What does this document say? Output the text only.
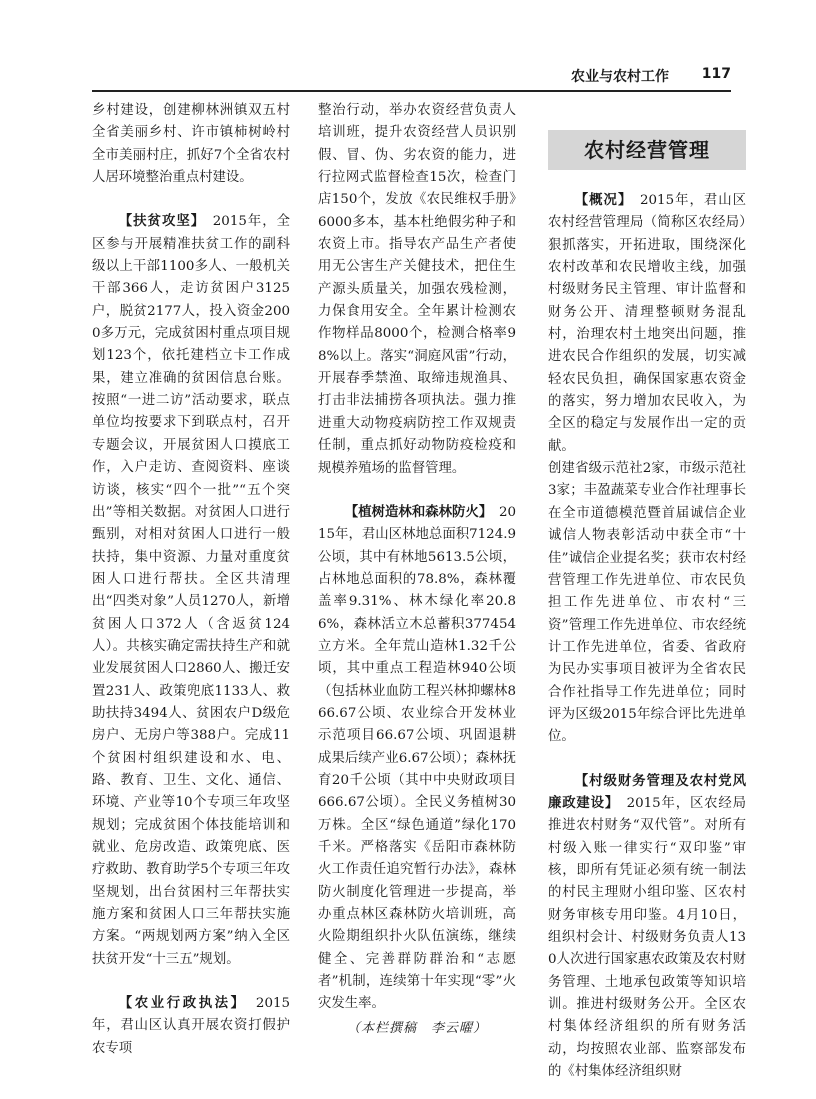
农业与农村工作 117

乡村建设，创建柳林洲镇双五村全省美丽乡村、许市镇柿树岭村全市美丽村庄，抓好7个全省农村人居环境整治重点村建设。

【扶贫攻坚】　 2015年，全区参与开展精准扶贫工作的副科级以上干部1100多人、一般机关干部366人，走访贫困户3125户，脱贫2177人，投入资金2000多万元，完成贫困村重点项目规划123个，依托建档立卡工作成果，建立准确的贫困信息台账。按照“一进二访”活动要求，联点单位均按要求下到联点村，召开专题会议，开展贫困人口摸底工作，入户走访、查阅资料、座谈访谈，核实“四个一批”“五个突出”等相关数据。对贫困人口进行甄别，对相对贫困人口进行一般扶持，集中资源、力量对重度贫困人口进行帮扶。全区共清理出“四类对象”人员1270人，新增贫困人口372人（含返贫124人）。共核实确定需扶持生产和就业发展贫困人口2860人、搬迁安置231人、政策兜底1133人、救助扶持3494人、贫困农户D级危房户、无房户等388户。完成11个贫困村组织建设和水、电、路、教育、卫生、文化、通信、环境、产业等10个专项三年攻坚规划；完成贫困个体技能培训和就业、危房改造、政策兜底、医疗救助、教育助学5个专项三年攻坚规划，出台贫困村三年帮扶实施方案和贫困人口三年帮扶实施方案。“两规划两方案”纳入全区扶贫开发“十三五”规划。

【农业行政执法】　 2015年，君山区认真开展农资打假护农专项

整治行动，举办农资经营负责人培训班，提升农资经营人员识别假、冒、伪、劣农资的能力，进行拉网式监督检查15次，检查门店150个，发放《农民维权手册》6000多本，基本杜绝假劣种子和农资上市。指导农产品生产者使用无公害生产关健技术，把住生产源头质量关，加强农残检测，力保食用安全。全年累计检测农作物样品8000个，检测合格率98%以上。落实“洞庭风雷”行动，开展春季禁渔、取缔违规渔具、打击非法捕捞各项执法。强力推进重大动物疫病防控工作双规责任制，重点抓好动物防疫检疫和规模养殖场的监督管理。

【植树造林和森林防火】　 2015年，君山区林地总面积7124.9公顷，其中有林地5613.5公顷，占林地总面积的78.8%，森林覆盖率9.31%、林木绿化率20.86%，森林活立木总蓄积377454立方米。全年荒山造林1.32千公顷，其中重点工程造林940公顷（包括林业血防工程兴林抑螺林866.67公顷、农业综合开发林业示范项目66.67公顷、巩固退耕成果后续产业6.67公顷）；森林抚育20千公顷（其中中央财政项目666.67公顷）。全民义务植树30万株。全区“绿色通道”绿化170千米。严格落实《岳阳市森林防火工作责任追究暂行办法》，森林防火制度化管理进一步提高，举办重点林区森林防火培训班，高火险期组织扑火队伍演练，继续健全、完善群防群治和“志愿者”机制，连续第十年实现“零”火灾发生率。

（本栏撰稿　李云曜）
农村经营管理

【概况】　 2015年，君山区农村经营管理局（简称区农经局）狠抓落实，开拓进取，围绕深化农村改革和农民增收主线，加强村级财务民主管理、审计监督和财务公开、清理整顿财务混乱村，治理农村土地突出问题，推进农民合作组织的发展，切实减轻农民负担，确保国家惠农资金的落实，努力增加农民收入，为全区的稳定与发展作出一定的贡献。

创建省级示范社2家，市级示范社3家；丰盈蔬菜专业合作社理事长在全市道德模范暨首届诚信企业诚信人物表彰活动中获全市“十佳”诚信企业提名奖；获市农村经营管理工作先进单位、市农民负担工作先进单位、市农村“三资”管理工作先进单位、市农经统计工作先进单位，省委、省政府为民办实事项目被评为全省农民合作社指导工作先进单位；同时评为区级2015年综合评比先进单位。

【村级财务管理及农村党风廉政建设】　 2015年，区农经局推进农村财务“双代管”。对所有村级入账一律实行“双印鉴”审核，即所有凭证必须有统一制法的村民主理财小组印鉴、区农村财务审核专用印鉴。4月10日，组织村会计、村级财务负责人130人次进行国家惠农政策及农村财务管理、土地承包政策等知识培训。推进村级财务公开。全区农村集体经济组织的所有财务活动，均按照农业部、监察部发布的《村集体经济组织财
